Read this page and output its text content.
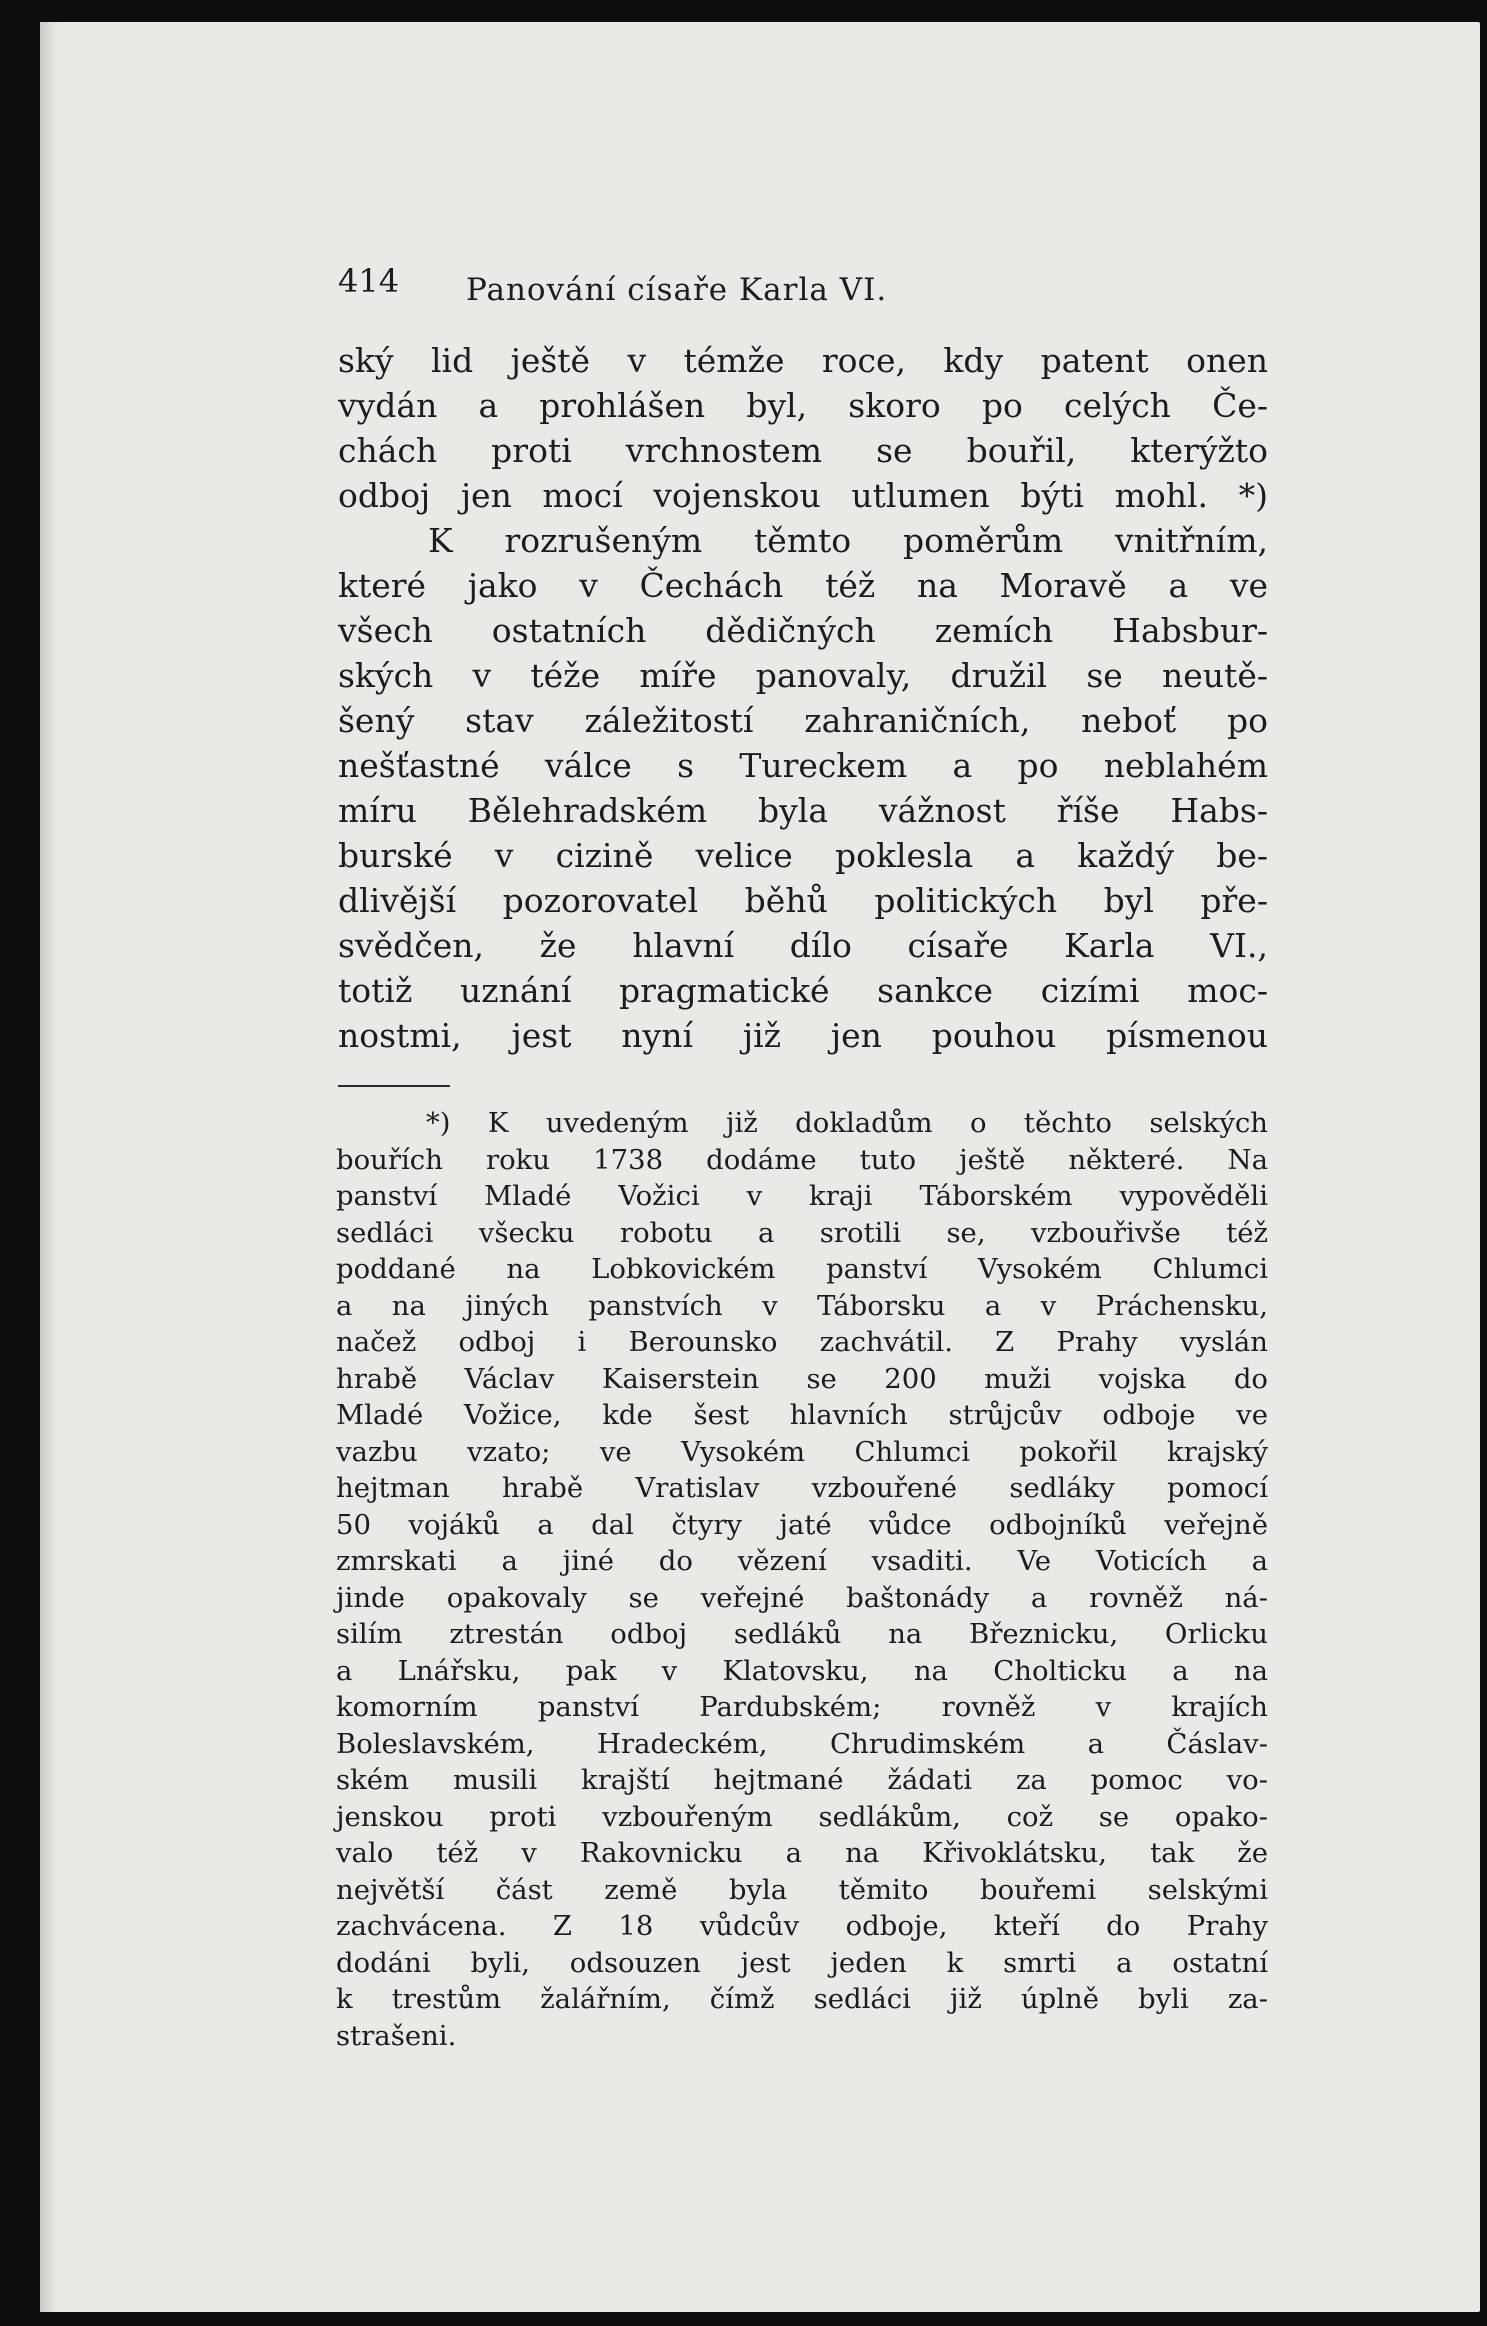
414 Panování císaře Karla VI.
ský lid ještě v témže roce, kdy patent onen
vydán a prohlášen byl, skoro po celých Če-
chách proti vrchnostem se bouřil, kterýžto
odboj jen mocí vojenskou utlumen býti mohl. *)
K rozrušeným těmto poměrům vnitřním,
které jako v Čechách též na Moravě a ve
všech ostatních dědičných zemích Habsbur-
ských v téže míře panovaly, družil se neutě-
šený stav záležitostí zahraničních, neboť po
nešťastné válce s Tureckem a po neblahém
míru Bělehradském byla vážnost říše Habs-
burské v cizině velice poklesla a každý be-
dlivější pozorovatel běhů politických byl pře-
svědčen, že hlavní dílo císaře Karla VI.,
totiž uznání pragmatické sankce cizími moc-
nostmi, jest nyní již jen pouhou písmenou
*) K uvedeným již dokladům o těchto selských
bouřích roku 1738 dodáme tuto ještě některé. Na
panství Mladé Vožici v kraji Táborském vypověděli
sedláci všecku robotu a srotili se, vzbouřivše též
poddané na Lobkovickém panství Vysokém Chlumci
a na jiných panstvích v Táborsku a v Práchensku,
načež odboj i Berounsko zachvátil. Z Prahy vyslán
hrabě Václav Kaiserstein se 200 muži vojska do
Mladé Vožice, kde šest hlavních strůjcův odboje ve
vazbu vzato; ve Vysokém Chlumci pokořil krajský
hejtman hrabě Vratislav vzbouřené sedláky pomocí
50 vojáků a dal čtyry jaté vůdce odbojníků veřejně
zmrskati a jiné do vězení vsaditi. Ve Voticích a
jinde opakovaly se veřejné baštonády a rovněž ná-
silím ztrestán odboj sedláků na Březnicku, Orlicku
a Lnářsku, pak v Klatovsku, na Cholticku a na
komorním panství Pardubském; rovněž v krajích
Boleslavském, Hradeckém, Chrudimském a Čáslav-
ském musili krajští hejtmané žádati za pomoc vo-
jenskou proti vzbouřeným sedlákům, což se opako-
valo též v Rakovnicku a na Křivoklátsku, tak že
největší část země byla těmito bouřemi selskými
zachvácena. Z 18 vůdcův odboje, kteří do Prahy
dodáni byli, odsouzen jest jeden k smrti a ostatní
k trestům žalářním, čímž sedláci již úplně byli za-
strašeni.
